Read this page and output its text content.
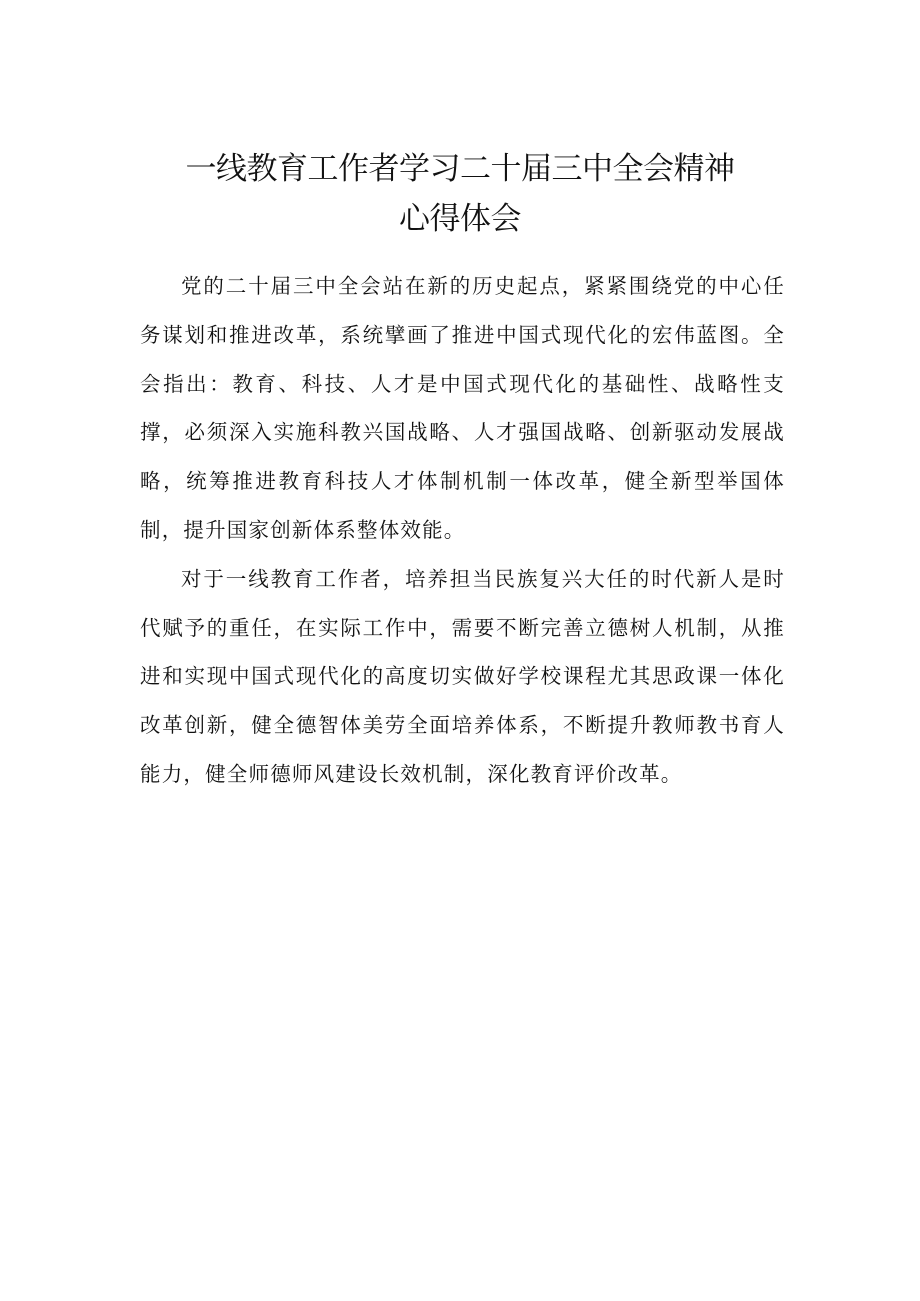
一线教育工作者学习二十届三中全会精神
心得体会

党的二十届三中全会站在新的历史起点，紧紧围绕党的中心任务谋划和推进改革，系统擘画了推进中国式现代化的宏伟蓝图。全会指出：教育、科技、人才是中国式现代化的基础性、战略性支撑，必须深入实施科教兴国战略、人才强国战略、创新驱动发展战略，统筹推进教育科技人才体制机制一体改革，健全新型举国体制，提升国家创新体系整体效能。

对于一线教育工作者，培养担当民族复兴大任的时代新人是时代赋予的重任，在实际工作中，需要不断完善立德树人机制，从推进和实现中国式现代化的高度切实做好学校课程尤其思政课一体化改革创新，健全德智体美劳全面培养体系，不断提升教师教书育人能力，健全师德师风建设长效机制，深化教育评价改革。
